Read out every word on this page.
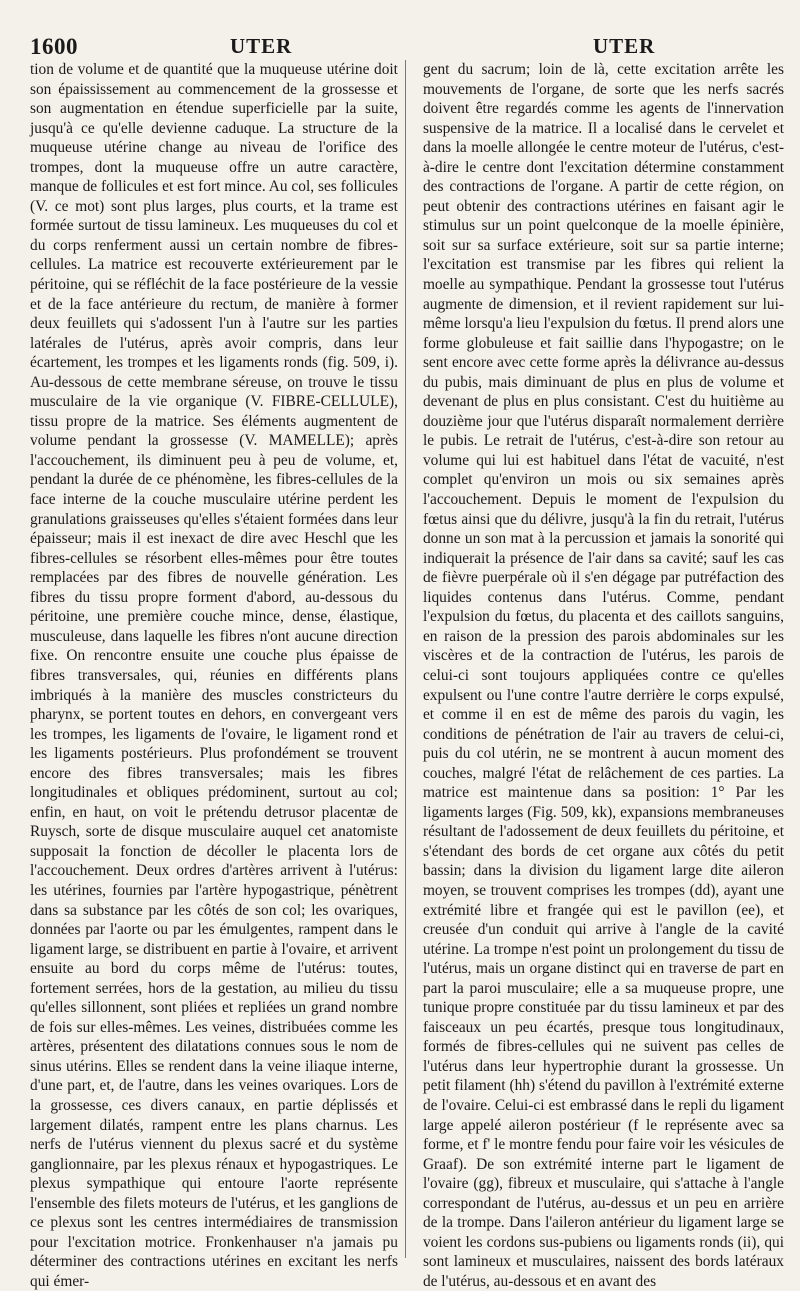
1600	UTER	UTER

tion de volume et de quantité que la muqueuse utérine doit son épaississement au commencement de la grossesse et son augmentation en étendue superficielle par la suite, jusqu'à ce qu'elle devienne caduque. La structure de la muqueuse utérine change au niveau de l'orifice des trompes, dont la muqueuse offre un autre caractère, manque de follicules et est fort mince. Au col, ses follicules (V. ce mot) sont plus larges, plus courts, et la trame est formée surtout de tissu lamineux. Les muqueuses du col et du corps renferment aussi un certain nombre de fibres-cellules. La matrice est recouverte extérieurement par le péritoine, qui se réfléchit de la face postérieure de la vessie et de la face antérieure du rectum, de manière à former deux feuillets qui s'adossent l'un à l'autre sur les parties latérales de l'utérus, après avoir compris, dans leur écartement, les trompes et les ligaments ronds (fig. 509, i). Au-dessous de cette membrane séreuse, on trouve le tissu musculaire de la vie organique (V. FIBRE-CELLULE), tissu propre de la matrice. Ses éléments augmentent de volume pendant la grossesse (V. MAMELLE); après l'accouchement, ils diminuent peu à peu de volume, et, pendant la durée de ce phénomène, les fibres-cellules de la face interne de la couche musculaire utérine perdent les granulations graisseuses qu'elles s'étaient formées dans leur épaisseur; mais il est inexact de dire avec Heschl que les fibres-cellules se résorbent elles-mêmes pour être toutes remplacées par des fibres de nouvelle génération. Les fibres du tissu propre forment d'abord, au-dessous du péritoine, une première couche mince, dense, élastique, musculeuse, dans laquelle les fibres n'ont aucune direction fixe. On rencontre ensuite une couche plus épaisse de fibres transversales, qui, réunies en différents plans imbriqués à la manière des muscles constricteurs du pharynx, se portent toutes en dehors, en convergeant vers les trompes, les ligaments de l'ovaire, le ligament rond et les ligaments postérieurs. Plus profondément se trouvent encore des fibres transversales; mais les fibres longitudinales et obliques prédominent, surtout au col; enfin, en haut, on voit le prétendu detrusor placentæ de Ruysch, sorte de disque musculaire auquel cet anatomiste supposait la fonction de décoller le placenta lors de l'accouchement. Deux ordres d'artères arrivent à l'utérus: les utérines, fournies par l'artère hypogastrique, pénètrent dans sa substance par les côtés de son col; les ovariques, données par l'aorte ou par les émulgentes, rampent dans le ligament large, se distribuent en partie à l'ovaire, et arrivent ensuite au bord du corps même de l'utérus: toutes, fortement serrées, hors de la gestation, au milieu du tissu qu'elles sillonnent, sont pliées et repliées un grand nombre de fois sur elles-mêmes. Les veines, distribuées comme les artères, présentent des dilatations connues sous le nom de sinus utérins. Elles se rendent dans la veine iliaque interne, d'une part, et, de l'autre, dans les veines ovariques. Lors de la grossesse, ces divers canaux, en partie déplissés et largement dilatés, rampent entre les plans charnus. Les nerfs de l'utérus viennent du plexus sacré et du système ganglionnaire, par les plexus rénaux et hypogastriques. Le plexus sympathique qui entoure l'aorte représente l'ensemble des filets moteurs de l'utérus, et les ganglions de ce plexus sont les centres intermédiaires de transmission pour l'excitation motrice. Fronkenhauser n'a jamais pu déterminer des contractions utérines en excitant les nerfs qui émer-

gent du sacrum; loin de là, cette excitation arrête les mouvements de l'organe, de sorte que les nerfs sacrés doivent être regardés comme les agents de l'innervation suspensive de la matrice. Il a localisé dans le cervelet et dans la moelle allongée le centre moteur de l'utérus, c'est-à-dire le centre dont l'excitation détermine constamment des contractions de l'organe. A partir de cette région, on peut obtenir des contractions utérines en faisant agir le stimulus sur un point quelconque de la moelle épinière, soit sur sa surface extérieure, soit sur sa partie interne; l'excitation est transmise par les fibres qui relient la moelle au sympathique. Pendant la grossesse tout l'utérus augmente de dimension, et il revient rapidement sur lui-même lorsqu'a lieu l'expulsion du fœtus. Il prend alors une forme globuleuse et fait saillie dans l'hypogastre; on le sent encore avec cette forme après la délivrance au-dessus du pubis, mais diminuant de plus en plus de volume et devenant de plus en plus consistant. C'est du huitième au douzième jour que l'utérus disparaît normalement derrière le pubis. Le retrait de l'utérus, c'est-à-dire son retour au volume qui lui est habituel dans l'état de vacuité, n'est complet qu'environ un mois ou six semaines après l'accouchement. Depuis le moment de l'expulsion du fœtus ainsi que du délivre, jusqu'à la fin du retrait, l'utérus donne un son mat à la percussion et jamais la sonorité qui indiquerait la présence de l'air dans sa cavité; sauf les cas de fièvre puerpérale où il s'en dégage par putréfaction des liquides contenus dans l'utérus. Comme, pendant l'expulsion du fœtus, du placenta et des caillots sanguins, en raison de la pression des parois abdominales sur les viscères et de la contraction de l'utérus, les parois de celui-ci sont toujours appliquées contre ce qu'elles expulsent ou l'une contre l'autre derrière le corps expulsé, et comme il en est de même des parois du vagin, les conditions de pénétration de l'air au travers de celui-ci, puis du col utérin, ne se montrent à aucun moment des couches, malgré l'état de relâchement de ces parties. La matrice est maintenue dans sa position: 1° Par les ligaments larges (Fig. 509, kk), expansions membraneuses résultant de l'adossement de deux feuillets du péritoine, et s'étendant des bords de cet organe aux côtés du petit bassin; dans la division du ligament large dite aileron moyen, se trouvent comprises les trompes (dd), ayant une extrémité libre et frangée qui est le pavillon (ee), et creusée d'un conduit qui arrive à l'angle de la cavité utérine. La trompe n'est point un prolongement du tissu de l'utérus, mais un organe distinct qui en traverse de part en part la paroi musculaire; elle a sa muqueuse propre, une tunique propre constituée par du tissu lamineux et par des faisceaux un peu écartés, presque tous longitudinaux, formés de fibres-cellules qui ne suivent pas celles de l'utérus dans leur hypertrophie durant la grossesse. Un petit filament (hh) s'étend du pavillon à l'extrémité externe de l'ovaire. Celui-ci est embrassé dans le repli du ligament large appelé aileron postérieur (f le représente avec sa forme, et f' le montre fendu pour faire voir les vésicules de Graaf). De son extrémité interne part le ligament de l'ovaire (gg), fibreux et musculaire, qui s'attache à l'angle correspondant de l'utérus, au-dessus et un peu en arrière de la trompe. Dans l'aileron antérieur du ligament large se voient les cordons sus-pubiens ou ligaments ronds (ii), qui sont lamineux et musculaires, naissent des bords latéraux de l'utérus, au-dessous et en avant des
